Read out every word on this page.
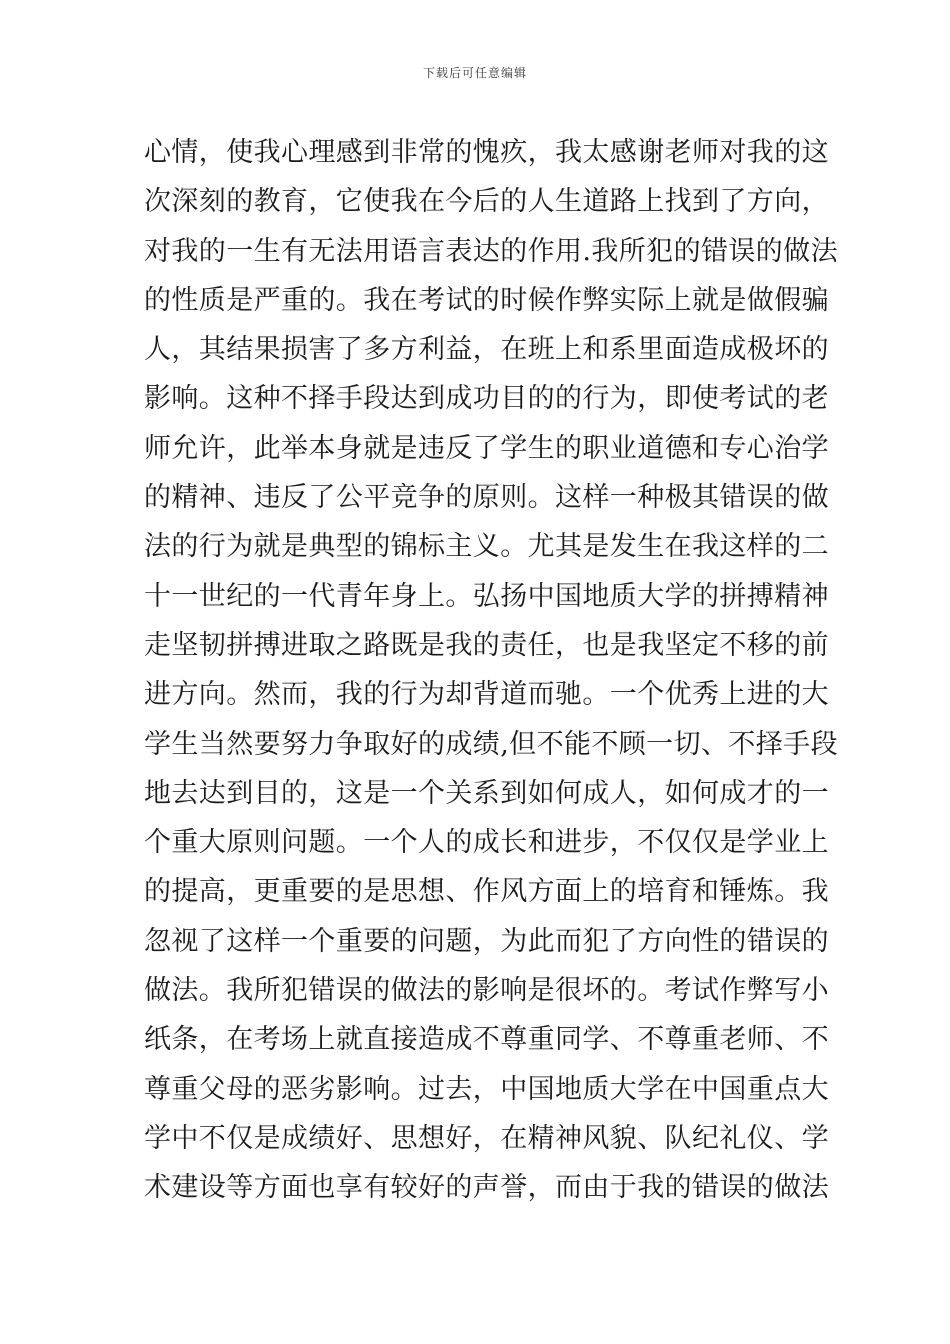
下载后可任意编辑
心情，使我心理感到非常的愧疚，我太感谢老师对我的这
次深刻的教育，它使我在今后的人生道路上找到了方向，
对我的一生有无法用语言表达的作用.我所犯的错误的做法
的性质是严重的。我在考试的时候作弊实际上就是做假骗
人，其结果损害了多方利益，在班上和系里面造成极坏的
影响。这种不择手段达到成功目的的行为，即使考试的老
师允许，此举本身就是违反了学生的职业道德和专心治学
的精神、违反了公平竞争的原则。这样一种极其错误的做
法的行为就是典型的锦标主义。尤其是发生在我这样的二
十一世纪的一代青年身上。弘扬中国地质大学的拼搏精神
走坚韧拼搏进取之路既是我的责任，也是我坚定不移的前
进方向。然而，我的行为却背道而驰。一个优秀上进的大
学生当然要努力争取好的成绩,但不能不顾一切、不择手段
地去达到目的，这是一个关系到如何成人，如何成才的一
个重大原则问题。一个人的成长和进步，不仅仅是学业上
的提高，更重要的是思想、作风方面上的培育和锤炼。我
忽视了这样一个重要的问题，为此而犯了方向性的错误的
做法。我所犯错误的做法的影响是很坏的。考试作弊写小
纸条，在考场上就直接造成不尊重同学、不尊重老师、不
尊重父母的恶劣影响。过去，中国地质大学在中国重点大
学中不仅是成绩好、思想好，在精神风貌、队纪礼仪、学
术建设等方面也享有较好的声誉，而由于我的错误的做法
